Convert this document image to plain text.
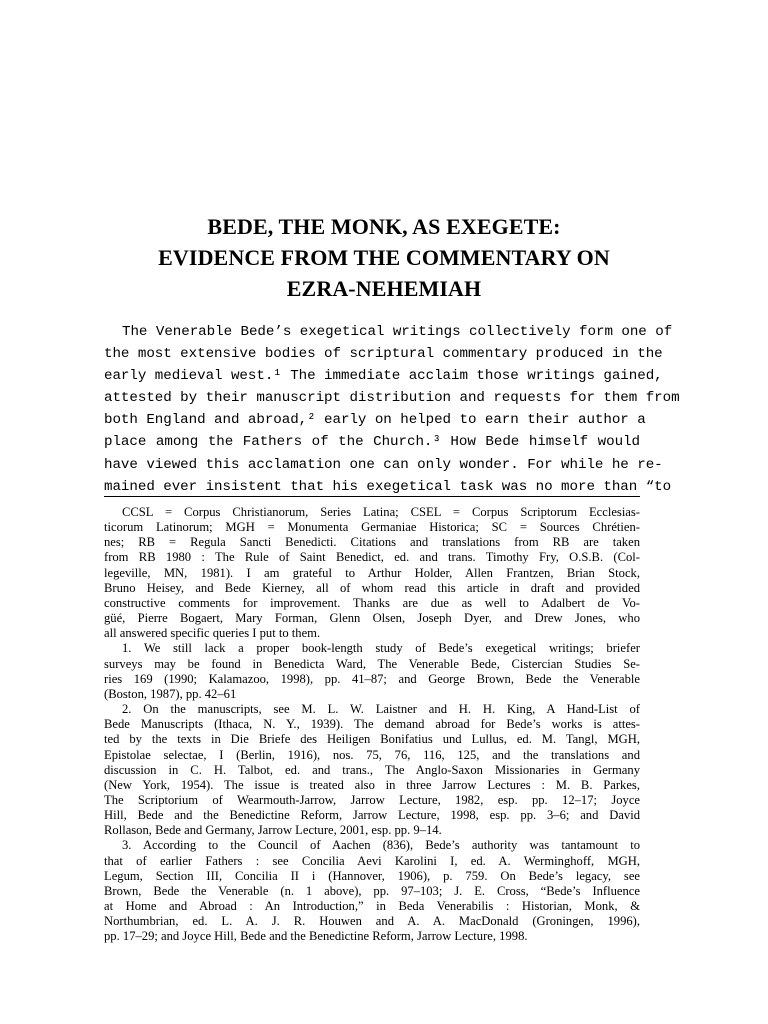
BEDE, THE MONK, AS EXEGETE:
EVIDENCE FROM THE COMMENTARY ON
EZRA-NEHEMIAH
The Venerable Bede’s exegetical writings collectively form one of
the most extensive bodies of scriptural commentary produced in the
early medieval west.¹ The immediate acclaim those writings gained,
attested by their manuscript distribution and requests for them from
both England and abroad,² early on helped to earn their author a
place among the Fathers of the Church.³ How Bede himself would
have viewed this acclamation one can only wonder. For while he re-
mained ever insistent that his exegetical task was no more than “to
CCSL = Corpus Christianorum, Series Latina; CSEL = Corpus Scriptorum Ecclesias-
ticorum Latinorum; MGH = Monumenta Germaniae Historica; SC = Sources Chrétien-
nes; RB = Regula Sancti Benedicti. Citations and translations from RB are taken
from RB 1980 : The Rule of Saint Benedict, ed. and trans. Timothy Fry, O.S.B. (Col-
legeville, MN, 1981). I am grateful to Arthur Holder, Allen Frantzen, Brian Stock,
Bruno Heisey, and Bede Kierney, all of whom read this article in draft and provided
constructive comments for improvement. Thanks are due as well to Adalbert de Vo-
güé, Pierre Bogaert, Mary Forman, Glenn Olsen, Joseph Dyer, and Drew Jones, who
all answered specific queries I put to them.
1. We still lack a proper book-length study of Bede’s exegetical writings; briefer
surveys may be found in Benedicta Ward, The Venerable Bede, Cistercian Studies Se-
ries 169 (1990; Kalamazoo, 1998), pp. 41–87; and George Brown, Bede the Venerable
(Boston, 1987), pp. 42–61
2. On the manuscripts, see M. L. W. Laistner and H. H. King, A Hand-List of
Bede Manuscripts (Ithaca, N. Y., 1939). The demand abroad for Bede’s works is attes-
ted by the texts in Die Briefe des Heiligen Bonifatius und Lullus, ed. M. Tangl, MGH,
Epistolae selectae, I (Berlin, 1916), nos. 75, 76, 116, 125, and the translations and
discussion in C. H. Talbot, ed. and trans., The Anglo-Saxon Missionaries in Germany
(New York, 1954). The issue is treated also in three Jarrow Lectures : M. B. Parkes,
The Scriptorium of Wearmouth-Jarrow, Jarrow Lecture, 1982, esp. pp. 12–17; Joyce
Hill, Bede and the Benedictine Reform, Jarrow Lecture, 1998, esp. pp. 3–6; and David
Rollason, Bede and Germany, Jarrow Lecture, 2001, esp. pp. 9–14.
3. According to the Council of Aachen (836), Bede’s authority was tantamount to
that of earlier Fathers : see Concilia Aevi Karolini I, ed. A. Werminghoff, MGH,
Legum, Section III, Concilia II i (Hannover, 1906), p. 759. On Bede’s legacy, see
Brown, Bede the Venerable (n. 1 above), pp. 97–103; J. E. Cross, “Bede’s Influence
at Home and Abroad : An Introduction,” in Beda Venerabilis : Historian, Monk, &
Northumbrian, ed. L. A. J. R. Houwen and A. A. MacDonald (Groningen, 1996),
pp. 17–29; and Joyce Hill, Bede and the Benedictine Reform, Jarrow Lecture, 1998.
